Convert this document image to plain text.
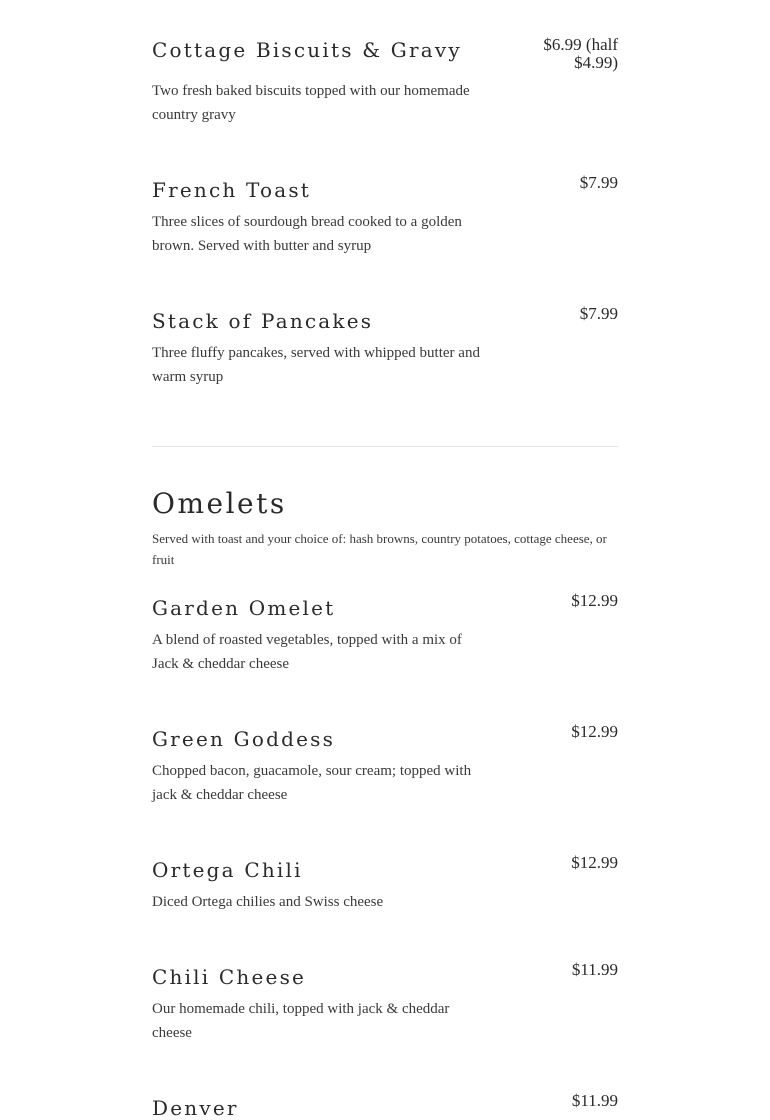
Cottage Biscuits & Gravy	$6.99 (half $4.99)
Two fresh baked biscuits topped with our homemade country gravy
French Toast	$7.99
Three slices of sourdough bread cooked to a golden brown. Served with butter and syrup
Stack of Pancakes	$7.99
Three fluffy pancakes, served with whipped butter and warm syrup
Omelets
Served with toast and your choice of: hash browns, country potatoes, cottage cheese, or fruit
Garden Omelet	$12.99
A blend of roasted vegetables, topped with a mix of Jack & cheddar cheese
Green Goddess	$12.99
Chopped bacon, guacamole, sour cream; topped with jack & cheddar cheese
Ortega Chili	$12.99
Diced Ortega chilies and Swiss cheese
Chili Cheese	$11.99
Our homemade chili, topped with jack & cheddar cheese
Denver	$11.99
